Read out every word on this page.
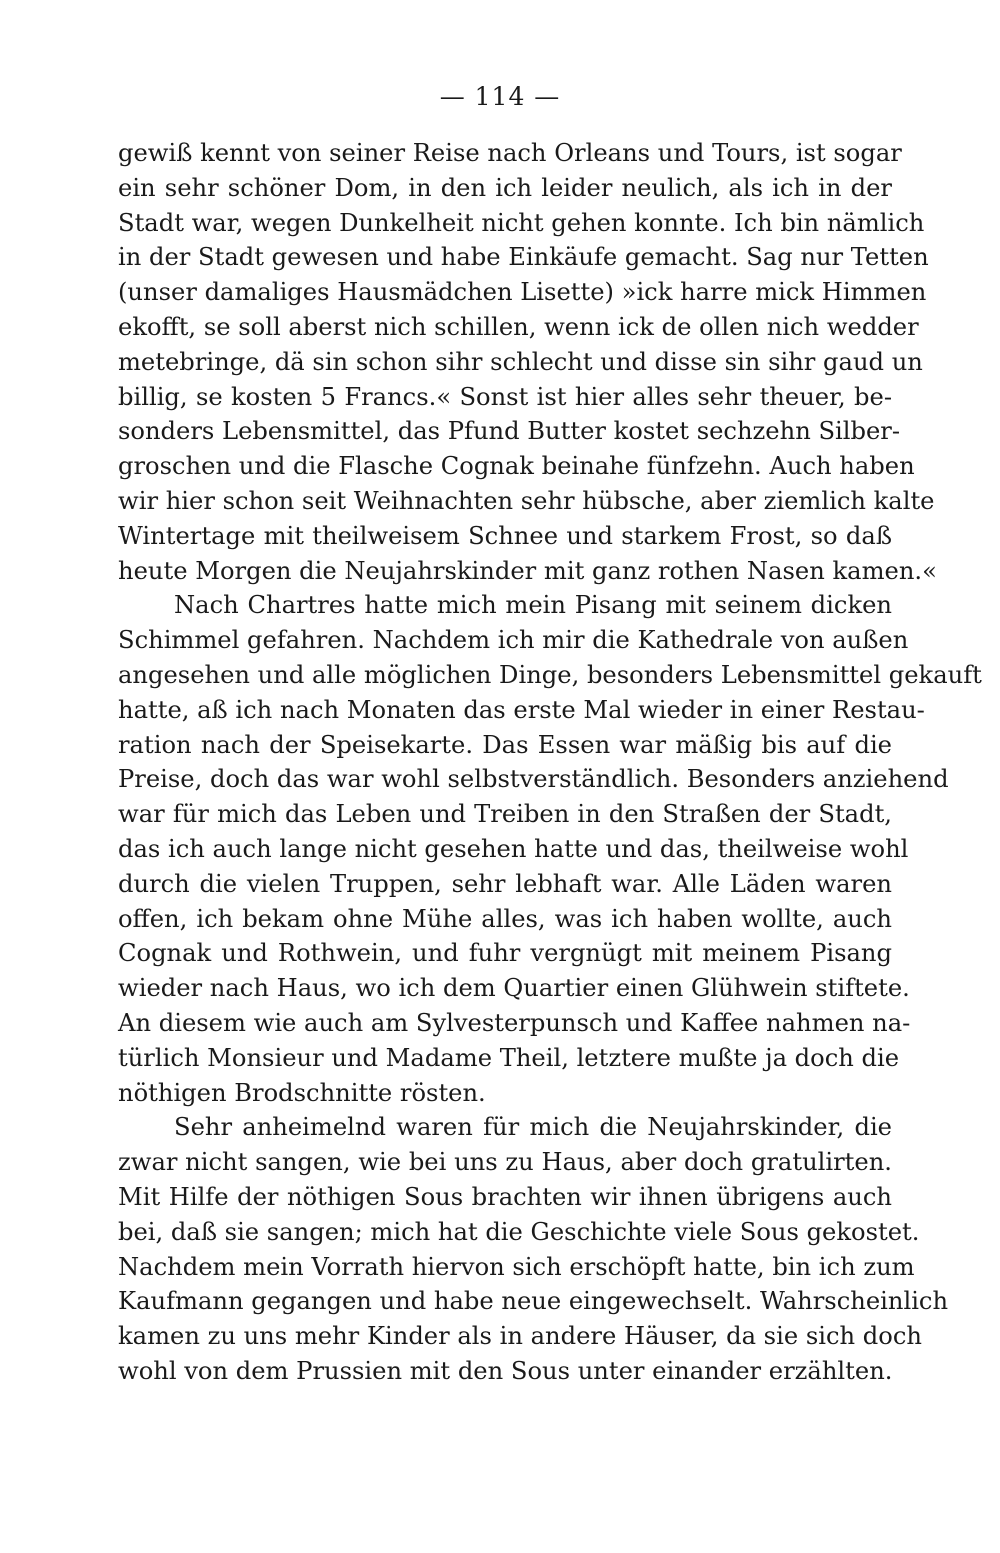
— 114 —
gewiß kennt von seiner Reise nach Orleans und Tours, ist sogar
ein sehr schöner Dom, in den ich leider neulich, als ich in der
Stadt war, wegen Dunkelheit nicht gehen konnte. Ich bin nämlich
in der Stadt gewesen und habe Einkäufe gemacht. Sag nur Tetten
(unser damaliges Hausmädchen Lisette) »ick harre mick Himmen
ekofft, se soll aberst nich schillen, wenn ick de ollen nich wedder
metebringe, dä sin schon sihr schlecht und disse sin sihr gaud un
billig, se kosten 5 Francs.« Sonst ist hier alles sehr theuer, be-
sonders Lebensmittel, das Pfund Butter kostet sechzehn Silber-
groschen und die Flasche Cognak beinahe fünfzehn. Auch haben
wir hier schon seit Weihnachten sehr hübsche, aber ziemlich kalte
Wintertage mit theilweisem Schnee und starkem Frost, so daß
heute Morgen die Neujahrskinder mit ganz rothen Nasen kamen.«
Nach Chartres hatte mich mein Pisang mit seinem dicken
Schimmel gefahren. Nachdem ich mir die Kathedrale von außen
angesehen und alle möglichen Dinge, besonders Lebensmittel gekauft
hatte, aß ich nach Monaten das erste Mal wieder in einer Restau-
ration nach der Speisekarte. Das Essen war mäßig bis auf die
Preise, doch das war wohl selbstverständlich. Besonders anziehend
war für mich das Leben und Treiben in den Straßen der Stadt,
das ich auch lange nicht gesehen hatte und das, theilweise wohl
durch die vielen Truppen, sehr lebhaft war. Alle Läden waren
offen, ich bekam ohne Mühe alles, was ich haben wollte, auch
Cognak und Rothwein, und fuhr vergnügt mit meinem Pisang
wieder nach Haus, wo ich dem Quartier einen Glühwein stiftete.
An diesem wie auch am Sylvesterpunsch und Kaffee nahmen na-
türlich Monsieur und Madame Theil, letztere mußte ja doch die
nöthigen Brodschnitte rösten.
Sehr anheimelnd waren für mich die Neujahrskinder, die
zwar nicht sangen, wie bei uns zu Haus, aber doch gratulirten.
Mit Hilfe der nöthigen Sous brachten wir ihnen übrigens auch
bei, daß sie sangen; mich hat die Geschichte viele Sous gekostet.
Nachdem mein Vorrath hiervon sich erschöpft hatte, bin ich zum
Kaufmann gegangen und habe neue eingewechselt. Wahrscheinlich
kamen zu uns mehr Kinder als in andere Häuser, da sie sich doch
wohl von dem Prussien mit den Sous unter einander erzählten.
